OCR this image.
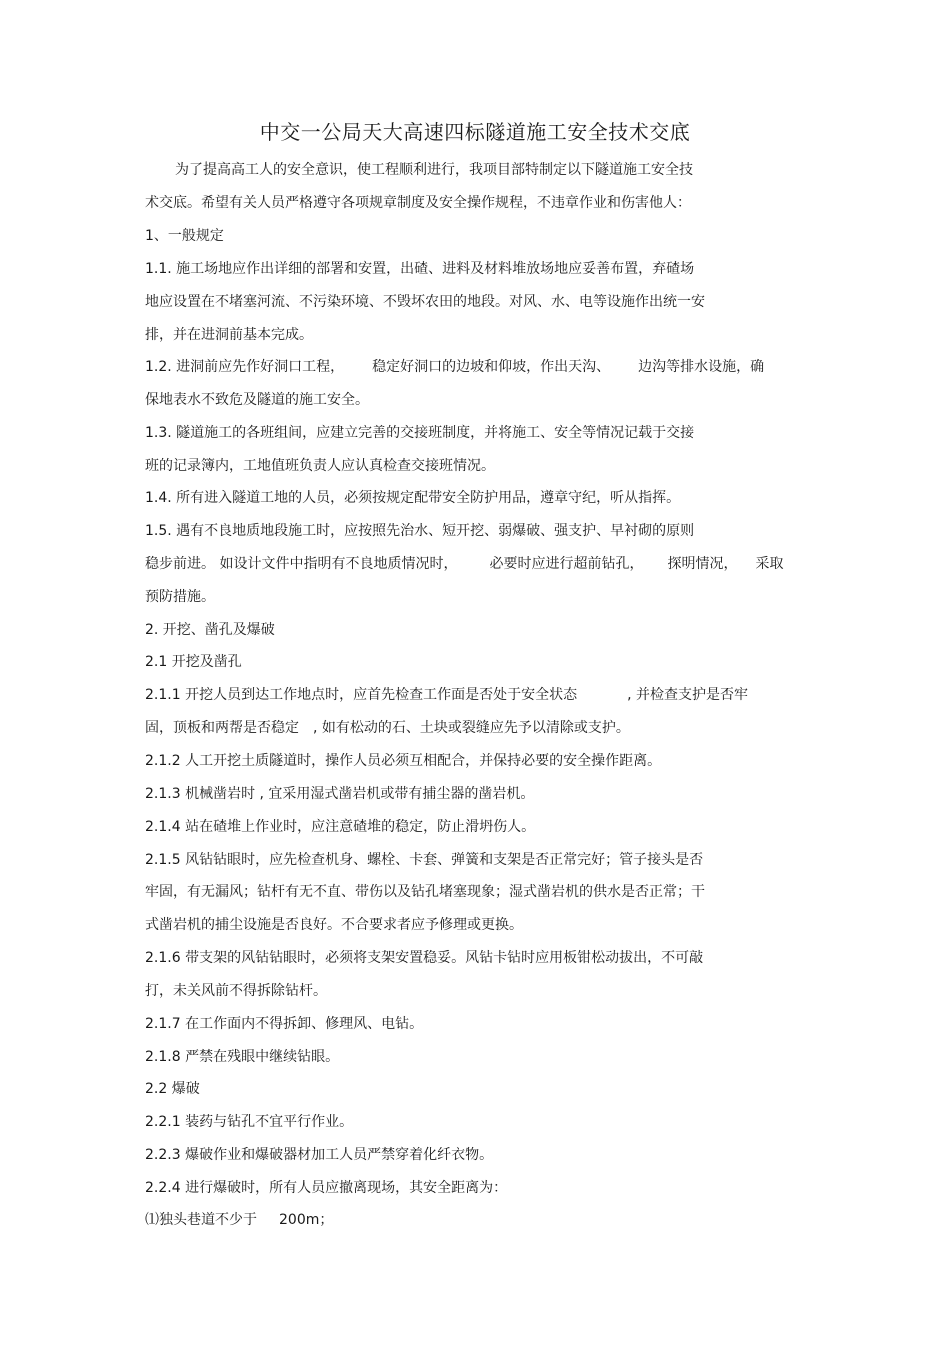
中交一公局天大高速四标隧道施工安全技术交底
为了提高高工人的安全意识，使工程顺利进行，我项目部特制定以下隧道施工安全技
术交底。希望有关人员严格遵守各项规章制度及安全操作规程，不违章作业和伤害他人：
1、一般规定
1.1. 施工场地应作出详细的部署和安置，出碴、进料及材料堆放场地应妥善布置，弃碴场
地应设置在不堵塞河流、不污染环境、不毁坏农田的地段。对风、水、电等设施作出统一安
排，并在进洞前基本完成。
1.2. 进洞前应先作好洞口工程， 稳定好洞口的边坡和仰坡，作出天沟、 边沟等排水设施，确
保地表水不致危及隧道的施工安全。
1.3. 隧道施工的各班组间，应建立完善的交接班制度，并将施工、安全等情况记载于交接
班的记录簿内，工地值班负责人应认真检查交接班情况。
1.4. 所有进入隧道工地的人员，必须按规定配带安全防护用品，遵章守纪，听从指挥。
1.5. 遇有不良地质地段施工时，应按照先治水、短开挖、弱爆破、强支护、早衬砌的原则
稳步前进。 如设计文件中指明有不良地质情况时， 必要时应进行超前钻孔， 探明情况， 采取
预防措施。
2. 开挖、凿孔及爆破
2.1 开挖及凿孔
2.1.1 开挖人员到达工作地点时，应首先检查工作面是否处于安全状态	, 并检查支护是否牢
固，顶板和两帮是否稳定 , 如有松动的石、土块或裂缝应先予以清除或支护。
2.1.2 人工开挖土质隧道时，操作人员必须互相配合，并保持必要的安全操作距离。
2.1.3 机械凿岩时 , 宜采用湿式凿岩机或带有捕尘器的凿岩机。
2.1.4 站在碴堆上作业时，应注意碴堆的稳定，防止滑坍伤人。
2.1.5 风钻钻眼时，应先检查机身、螺栓、卡套、弹簧和支架是否正常完好；管子接头是否
牢固，有无漏风；钻杆有无不直、带伤以及钻孔堵塞现象；湿式凿岩机的供水是否正常；干
式凿岩机的捕尘设施是否良好。不合要求者应予修理或更换。
2.1.6 带支架的风钻钻眼时，必须将支架安置稳妥。风钻卡钻时应用板钳松动拔出，不可敲
打，未关风前不得拆除钻杆。
2.1.7 在工作面内不得拆卸、修理风、电钻。
2.1.8 严禁在残眼中继续钻眼。
2.2 爆破
2.2.1 装药与钻孔不宜平行作业。
2.2.3 爆破作业和爆破器材加工人员严禁穿着化纤衣物。
2.2.4 进行爆破时，所有人员应撤离现场，其安全距离为：
⑴独头巷道不少于 200m；
